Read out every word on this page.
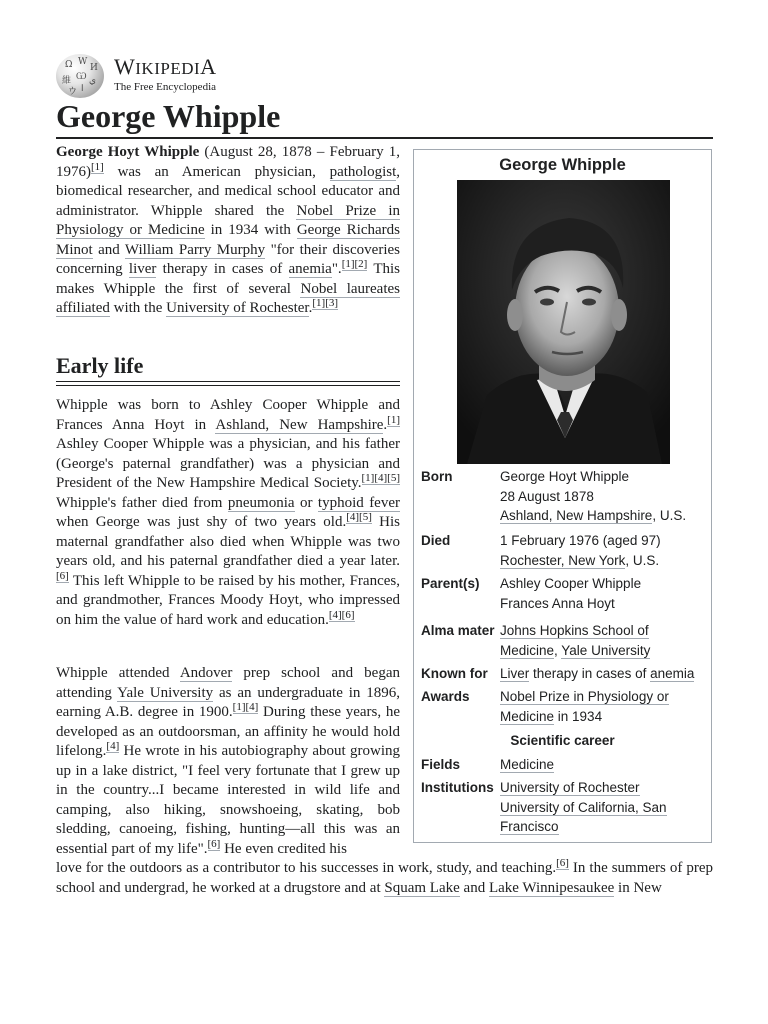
Ω W
И
維 Ѡ ي
ウ ا
WIKIPEDIA
The Free Encyclopedia
George Whipple

George Hoyt Whipple (August 28, 1878 – February 1, 1976)[1] was an American physician, pathologist, biomedical researcher, and medical school educator and administrator. Whipple shared the Nobel Prize in Physiology or Medicine in 1934 with George Richards Minot and William Parry Murphy "for their discoveries concerning liver therapy in cases of anemia".[1][2] This makes Whipple the first of several Nobel laureates affiliated with the University of Rochester.[1][3]

Early life

Whipple was born to Ashley Cooper Whipple and Frances Anna Hoyt in Ashland, New Hampshire.[1] Ashley Cooper Whipple was a physician, and his father (George's paternal grandfather) was a physician and President of the New Hampshire Medical Society.[1][4][5] Whipple's father died from pneumonia or typhoid fever when George was just shy of two years old.[4][5] His maternal grandfather also died when Whipple was two years old, and his paternal grandfather died a year later.[6] This left Whipple to be raised by his mother, Frances, and grandmother, Frances Moody Hoyt, who impressed on him the value of hard work and education.[4][6]

Whipple attended Andover prep school and began attending Yale University as an undergraduate in 1896, earning A.B. degree in 1900.[1][4] During these years, he developed as an outdoorsman, an affinity he would hold lifelong.[4] He wrote in his autobiography about growing up in a lake district, "I feel very fortunate that I grew up in the country...I became interested in wild life and camping, also hiking, snowshoeing, skating, bob sledding, canoeing, fishing, hunting—all this was an essential part of my life".[6] He even credited his

love for the outdoors as a contributor to his successes in work, study, and teaching.[6] In the summers of prep school and undergrad, he worked at a drugstore and at Squam Lake and Lake Winnipesaukee in New

George Whipple
Born	George Hoyt Whipple
28 August 1878
Ashland, New Hampshire, U.S.
Died	1 February 1976 (aged 97)
Rochester, New York, U.S.
Parent(s) Ashley Cooper Whipple
Frances Anna Hoyt
Alma mater Johns Hopkins School of Medicine, Yale University
Known for Liver therapy in cases of anemia
Awards Nobel Prize in Physiology or Medicine in 1934
Scientific career
Fields	Medicine
Institutions University of Rochester
University of California, San Francisco
